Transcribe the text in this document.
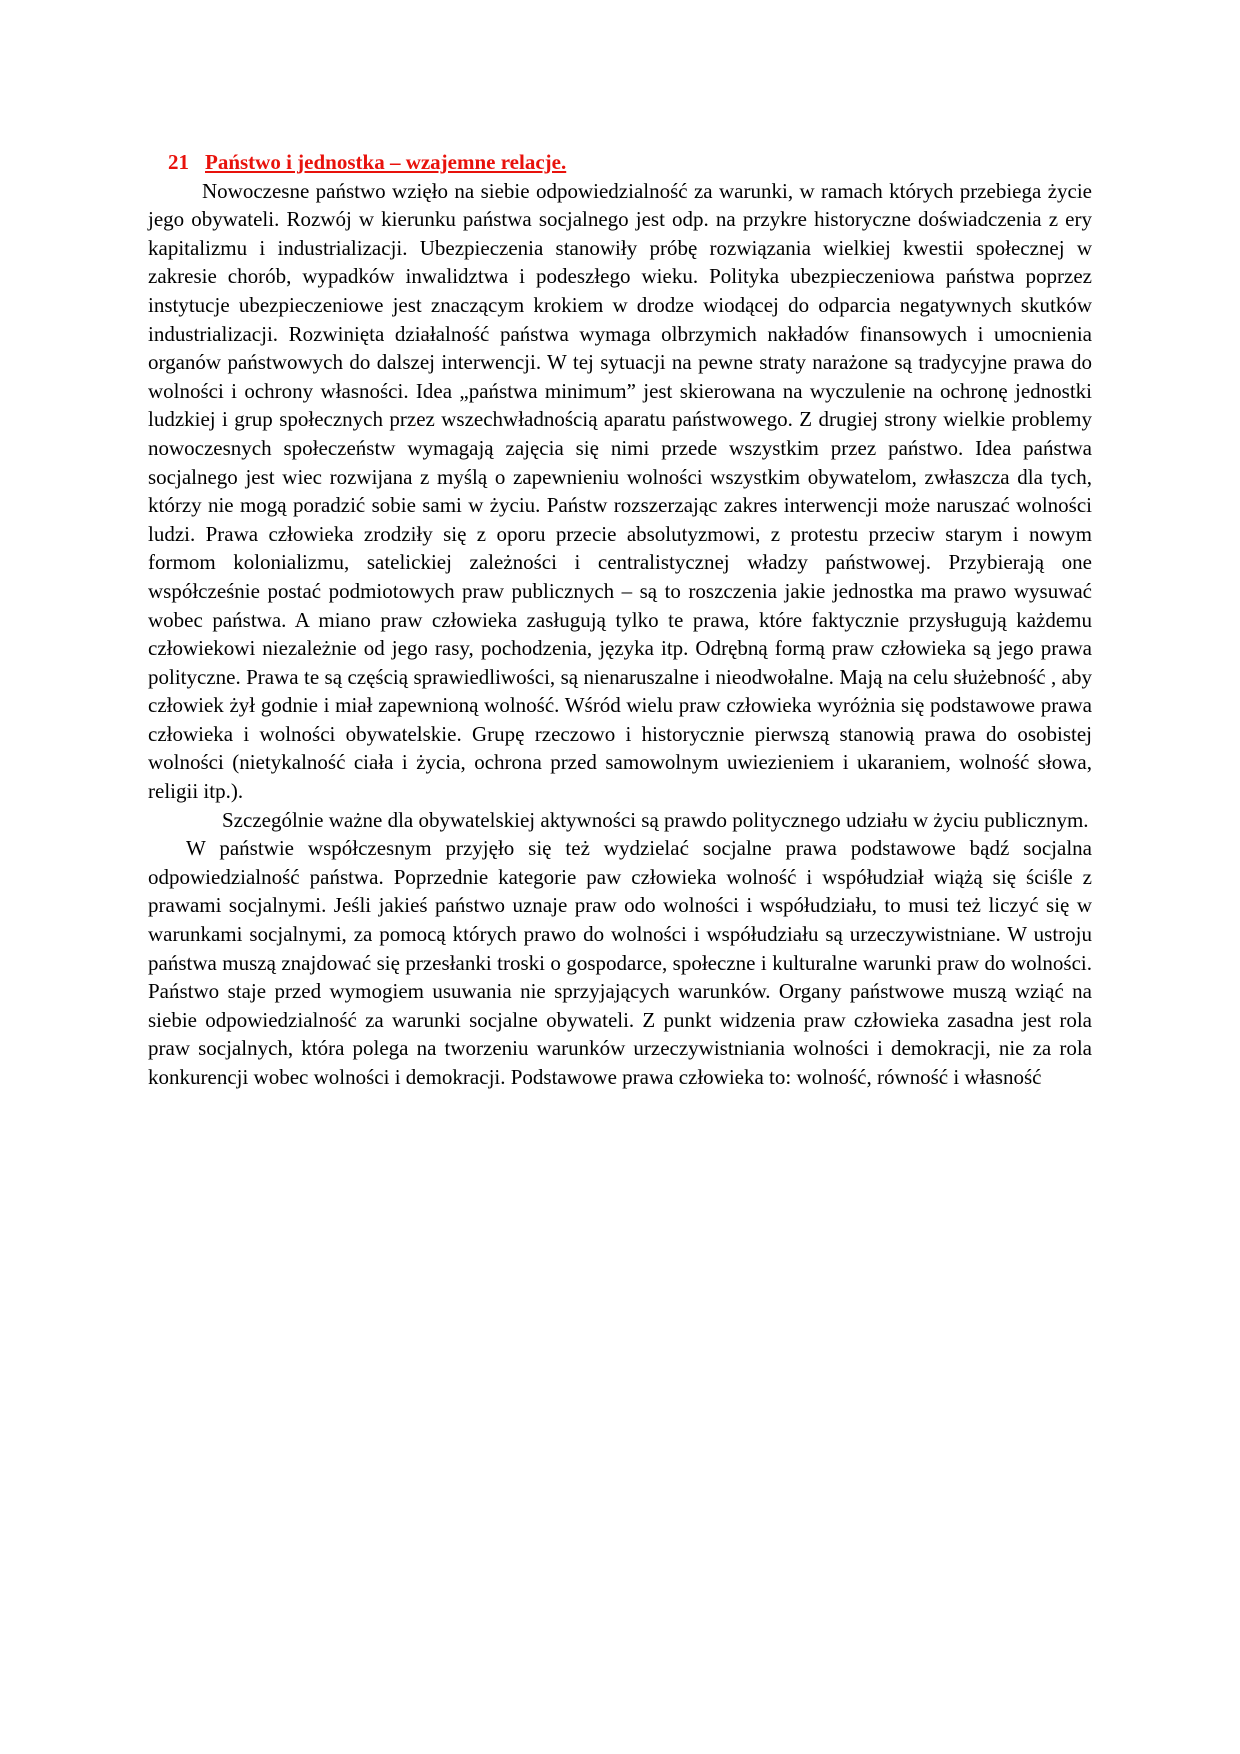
21 Państwo i jednostka – wzajemne relacje.

Nowoczesne państwo wzięło na siebie odpowiedzialność za warunki, w ramach których przebiega życie jego obywateli. Rozwój w kierunku państwa socjalnego jest odp. na przykre historyczne doświadczenia z ery kapitalizmu i industrializacji. Ubezpieczenia stanowiły próbę rozwiązania wielkiej kwestii społecznej w zakresie chorób, wypadków inwalidztwa i podeszłego wieku. Polityka ubezpieczeniowa państwa poprzez instytucje ubezpieczeniowe jest znaczącym krokiem w drodze wiodącej do odparcia negatywnych skutków industrializacji. Rozwinięta działalność państwa wymaga olbrzymich nakładów finansowych i umocnienia organów państwowych do dalszej interwencji. W tej sytuacji na pewne straty narażone są tradycyjne prawa do wolności i ochrony własności. Idea „państwa minimum” jest skierowana na wyczulenie na ochronę jednostki ludzkiej i grup społecznych przez wszechwładnością aparatu państwowego. Z drugiej strony wielkie problemy nowoczesnych społeczeństw wymagają zajęcia się nimi przede wszystkim przez państwo. Idea państwa socjalnego jest wiec rozwijana z myślą o zapewnieniu wolności wszystkim obywatelom, zwłaszcza dla tych, którzy nie mogą poradzić sobie sami w życiu. Państw rozszerzając zakres interwencji może naruszać wolności ludzi. Prawa człowieka zrodziły się z oporu przecie absolutyzmowi, z protestu przeciw starym i nowym formom kolonializmu, satelickiej zależności i centralistycznej władzy państwowej. Przybierają one współcześnie postać podmiotowych praw publicznych – są to roszczenia jakie jednostka ma prawo wysuwać wobec państwa. A miano praw człowieka zasługują tylko te prawa, które faktycznie przysługują każdemu człowiekowi niezależnie od jego rasy, pochodzenia, języka itp. Odrębną formą praw człowieka są jego prawa polityczne. Prawa te są częścią sprawiedliwości, są nienaruszalne i nieodwołalne. Mają na celu służebność , aby człowiek żył godnie i miał zapewnioną wolność. Wśród wielu praw człowieka wyróżnia się podstawowe prawa człowieka i wolności obywatelskie. Grupę rzeczowo i historycznie pierwszą stanowią prawa do osobistej wolności (nietykalność ciała i życia, ochrona przed samowolnym uwiezieniem i ukaraniem, wolność słowa, religii itp.).

Szczególnie ważne dla obywatelskiej aktywności są prawdo politycznego udziału w życiu publicznym.

W państwie współczesnym przyjęło się też wydzielać socjalne prawa podstawowe bądź socjalna odpowiedzialność państwa. Poprzednie kategorie paw człowieka wolność i współudział wiążą się ściśle z prawami socjalnymi. Jeśli jakieś państwo uznaje praw odo wolności i współudziału, to musi też liczyć się w warunkami socjalnymi, za pomocą których prawo do wolności i współudziału są urzeczywistniane. W ustroju państwa muszą znajdować się przesłanki troski o gospodarce, społeczne i kulturalne warunki praw do wolności. Państwo staje przed wymogiem usuwania nie sprzyjających warunków. Organy państwowe muszą wziąć na siebie odpowiedzialność za warunki socjalne obywateli. Z punkt widzenia praw człowieka zasadna jest rola praw socjalnych, która polega na tworzeniu warunków urzeczywistniania wolności i demokracji, nie za rola konkurencji wobec wolności i demokracji. Podstawowe prawa człowieka to: wolność, równość i własność
